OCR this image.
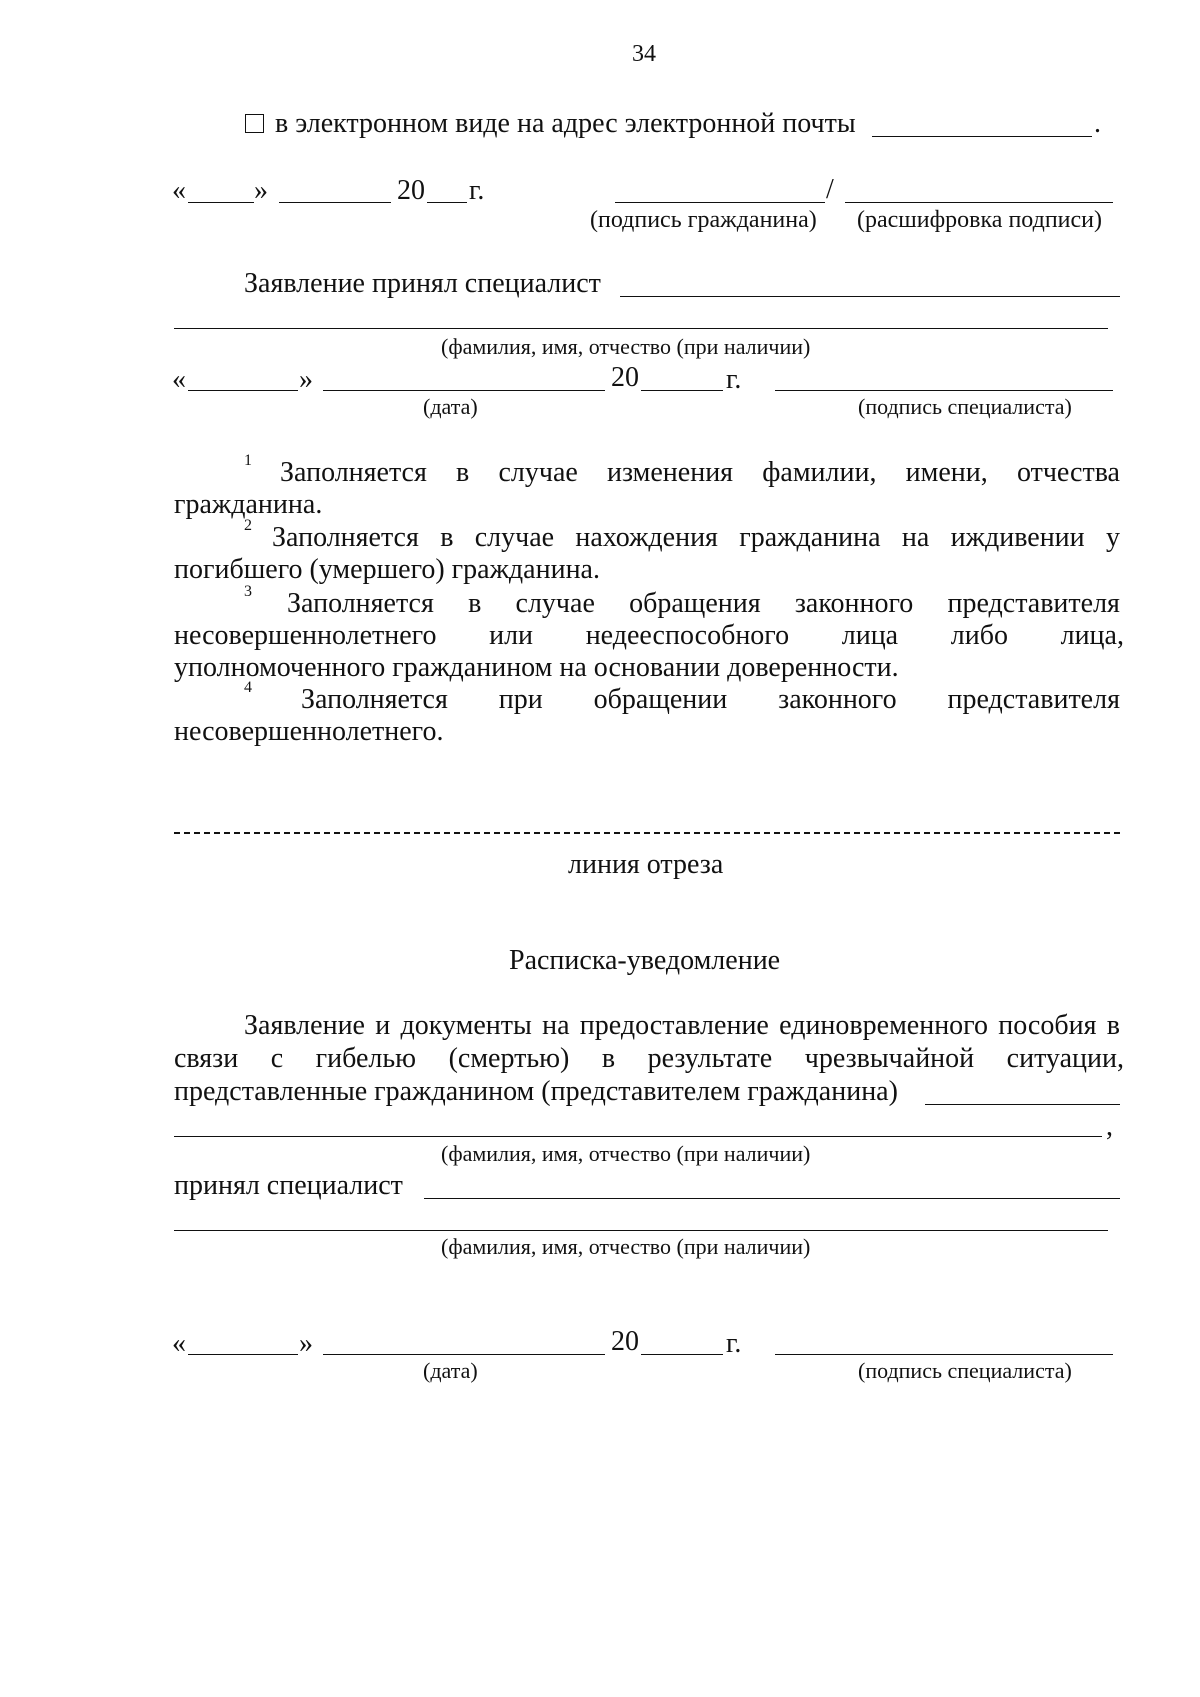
34
в электронном виде на адрес электронной почты	.
« »	20 г.	/
(подпись гражданина) (расшифровка подписи)
Заявление принял специалист
(фамилия, имя, отчество (при наличии)
«	»	20	г.
(дата)	(подпись специалиста)
1 Заполняется в случае изменения фамилии, имени, отчества
гражданина.
2 Заполняется в случае нахождения гражданина на иждивении у
погибшего (умершего) гражданина.
3 Заполняется в случае обращения законного представителя
несовершеннолетнего или недееспособного лица либо лица,
уполномоченного гражданином на основании доверенности.
4 Заполняется при обращении законного представителя
несовершеннолетнего.
линия отреза
Расписка-уведомление
Заявление и документы на предоставление единовременного пособия в
связи с гибелью (смертью) в результате чрезвычайной ситуации,
представленные гражданином (представителем гражданина)
,
(фамилия, имя, отчество (при наличии)
принял специалист
(фамилия, имя, отчество (при наличии)
«	»	20	г.
(дата)	(подпись специалиста)
